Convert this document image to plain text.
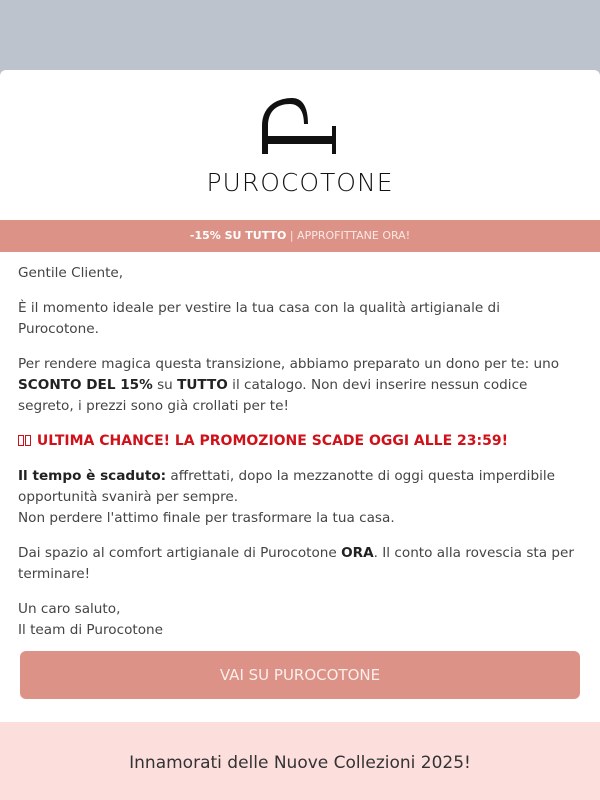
PUROCOTONE
-15% SU TUTTO | APPROFITTANE ORA!

Gentile Cliente,

È il momento ideale per vestire la tua casa con la qualità artigianale di Purocotone.

Per rendere magica questa transizione, abbiamo preparato un dono per te: uno SCONTO DEL 15% su TUTTO il catalogo. Non devi inserire nessun codice segreto, i prezzi sono già crollati per te!

ULTIMA CHANCE! LA PROMOZIONE SCADE OGGI ALLE 23:59!

Il tempo è scaduto: affrettati, dopo la mezzanotte di oggi questa imperdibile opportunità svanirà per sempre.
Non perdere l'attimo finale per trasformare la tua casa.

Dai spazio al comfort artigianale di Purocotone ORA. Il conto alla rovescia sta per terminare!

Un caro saluto,
Il team di Purocotone

VAI SU PUROCOTONE
Innamorati delle Nuove Collezioni 2025!
